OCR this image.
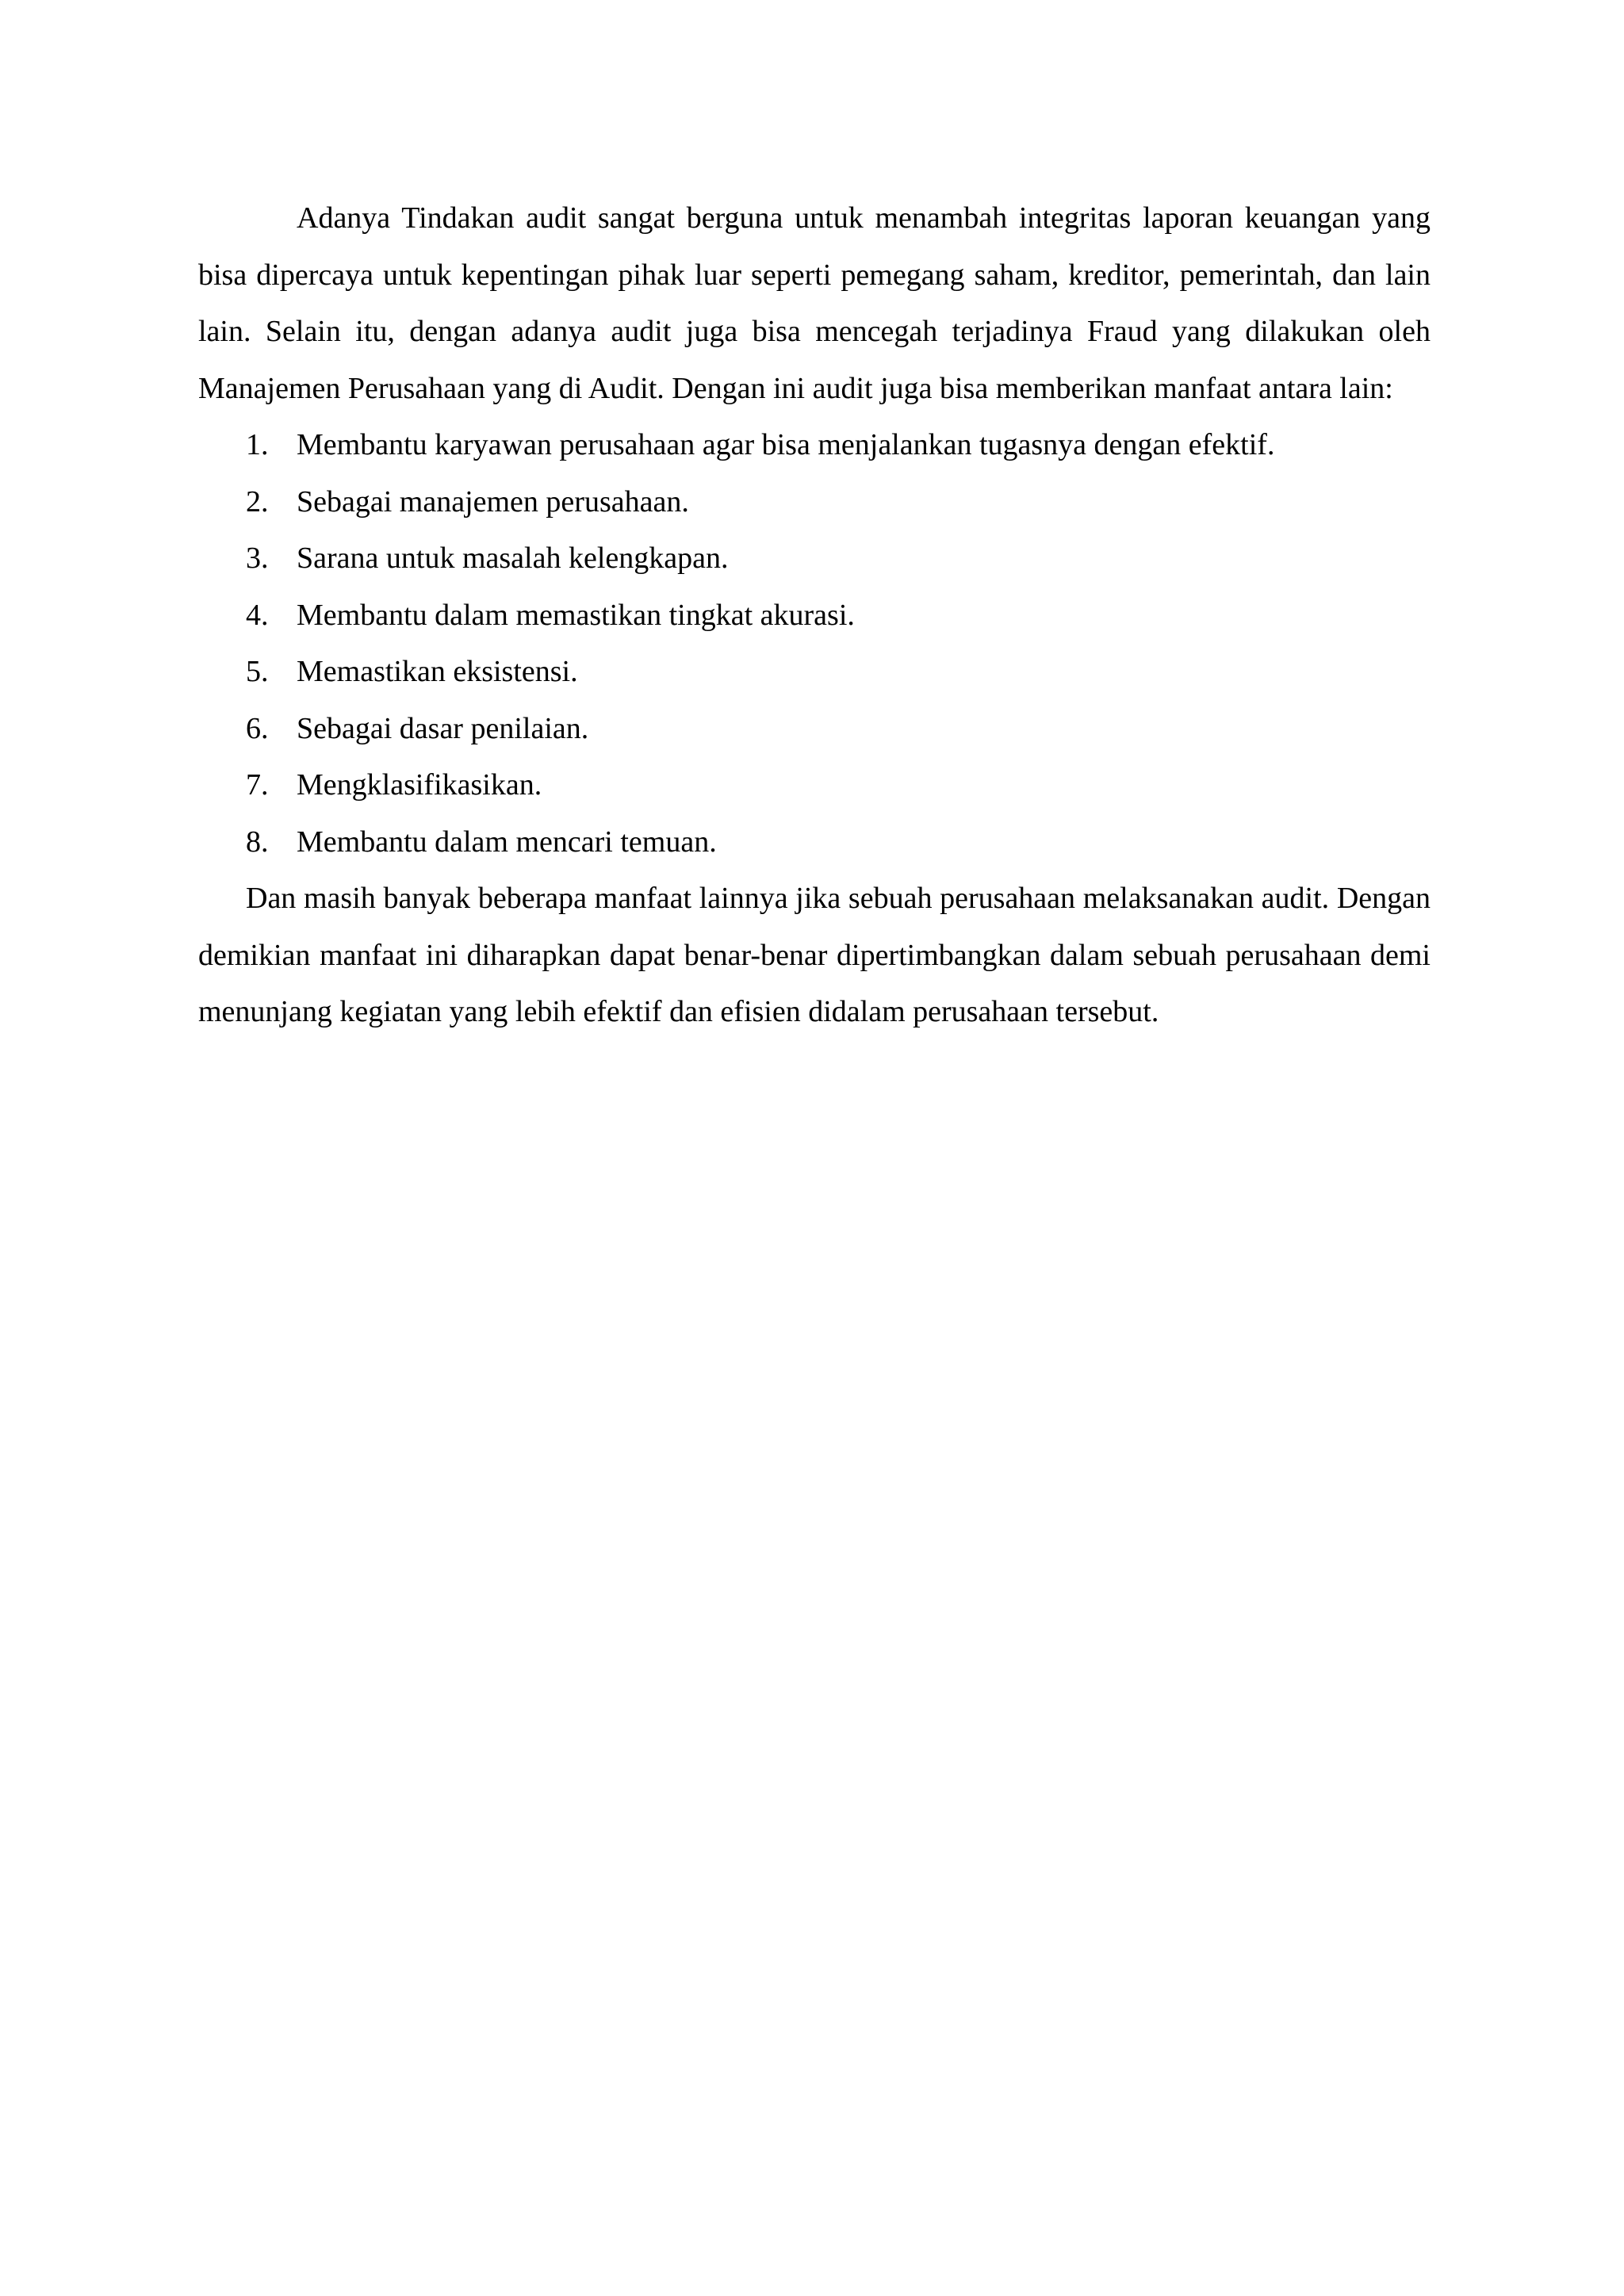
Adanya Tindakan audit sangat berguna untuk menambah integritas laporan keuangan yang bisa dipercaya untuk kepentingan pihak luar seperti pemegang saham, kreditor, pemerintah, dan lain lain. Selain itu, dengan adanya audit juga bisa mencegah terjadinya Fraud yang dilakukan oleh Manajemen Perusahaan yang di Audit. Dengan ini audit juga bisa memberikan manfaat antara lain:

1. Membantu karyawan perusahaan agar bisa menjalankan tugasnya dengan efektif.
2. Sebagai manajemen perusahaan.
3. Sarana untuk masalah kelengkapan.
4. Membantu dalam memastikan tingkat akurasi.
5. Memastikan eksistensi.
6. Sebagai dasar penilaian.
7. Mengklasifikasikan.
8. Membantu dalam mencari temuan.

Dan masih banyak beberapa manfaat lainnya jika sebuah perusahaan melaksanakan audit. Dengan demikian manfaat ini diharapkan dapat benar-benar dipertimbangkan dalam sebuah perusahaan demi menunjang kegiatan yang lebih efektif dan efisien didalam perusahaan tersebut.
